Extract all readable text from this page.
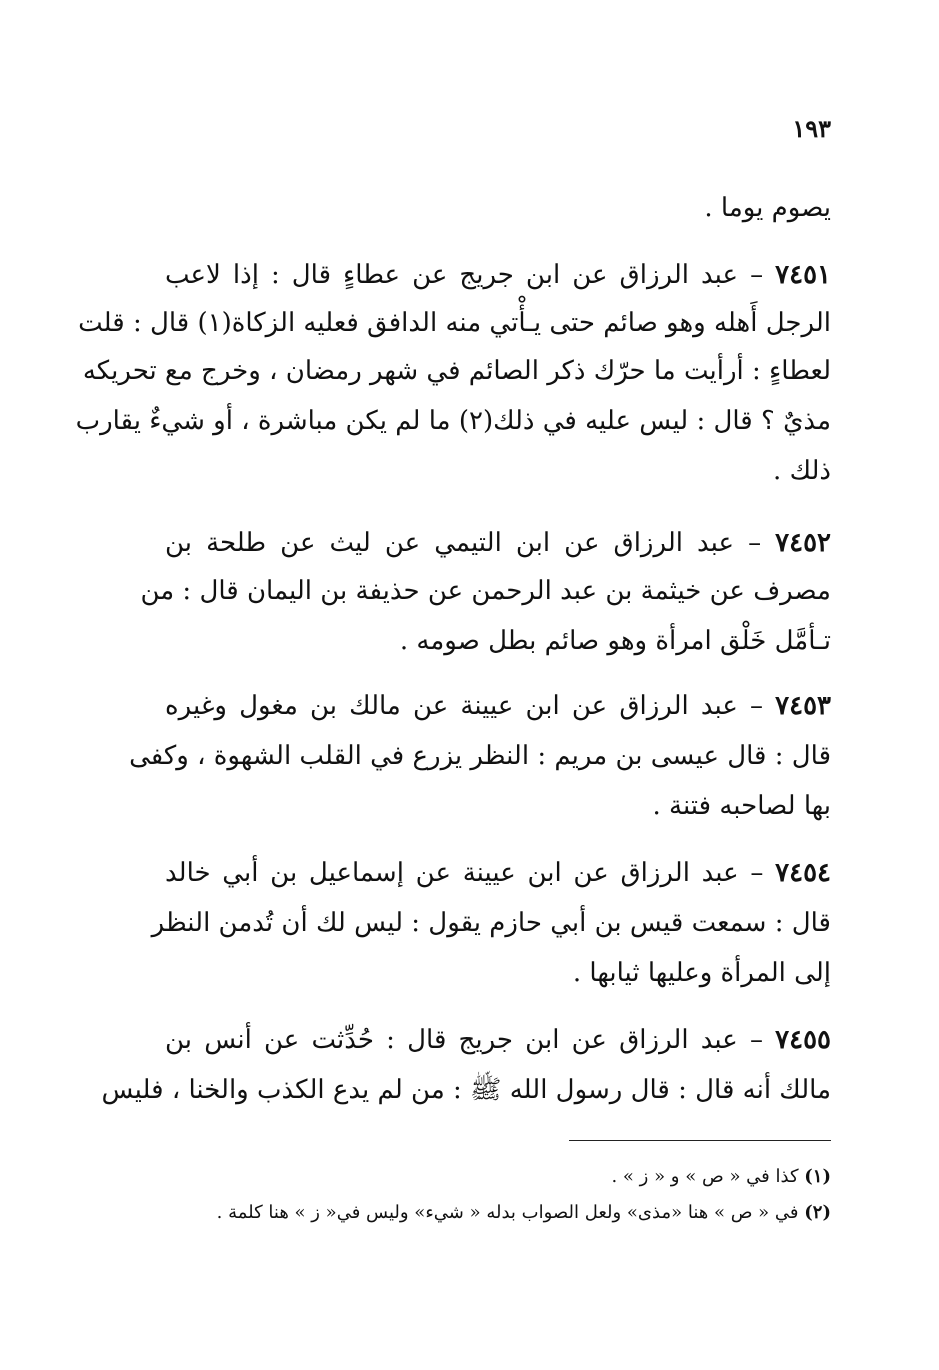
١٩٣
يصوم يوما .
٧٤٥١ – عبد الرزاق عن ابن جريج عن عطاءٍ قال : إذا لاعب
الرجل أَهله وهو صائم حتى يـأْتي منه الدافق فعليه الزكاة(١) قال : قلت
لعطاءٍ : أرأيت ما حرّك ذكر الصائم في شهر رمضان ، وخرج مع تحريكه
مذيٌ ؟ قال : ليس عليه في ذلك(٢) ما لم يكن مباشرة ، أو شيءٌ يقارب
ذلك .
٧٤٥٢ – عبد الرزاق عن ابن التيمي عن ليث عن طلحة بن
مصرف عن خيثمة بن عبد الرحمن عن حذيفة بن اليمان قال : من
تـأمَّل خَلْق امرأة وهو صائم بطل صومه .
٧٤٥٣ – عبد الرزاق عن ابن عيينة عن مالك بن مغول وغيره
قال : قال عيسى بن مريم : النظر يزرع في القلب الشهوة ، وكفى
بها لصاحبه فتنة .
٧٤٥٤ – عبد الرزاق عن ابن عيينة عن إسماعيل بن أبي خالد
قال : سمعت قيس بن أبي حازم يقول : ليس لك أن تُدمن النظر
إلى المرأة وعليها ثيابها .
٧٤٥٥ – عبد الرزاق عن ابن جريج قال : حُدِّثت عن أنس بن
مالك أنه قال : قال رسول الله ﷺ : من لم يدع الكذب والخنا ، فليس
(١) كذا في « ص » و « ز » .
(٢) في « ص » هنا «مذى» ولعل الصواب بدله « شيء» وليس في« ز » هنا كلمة .
